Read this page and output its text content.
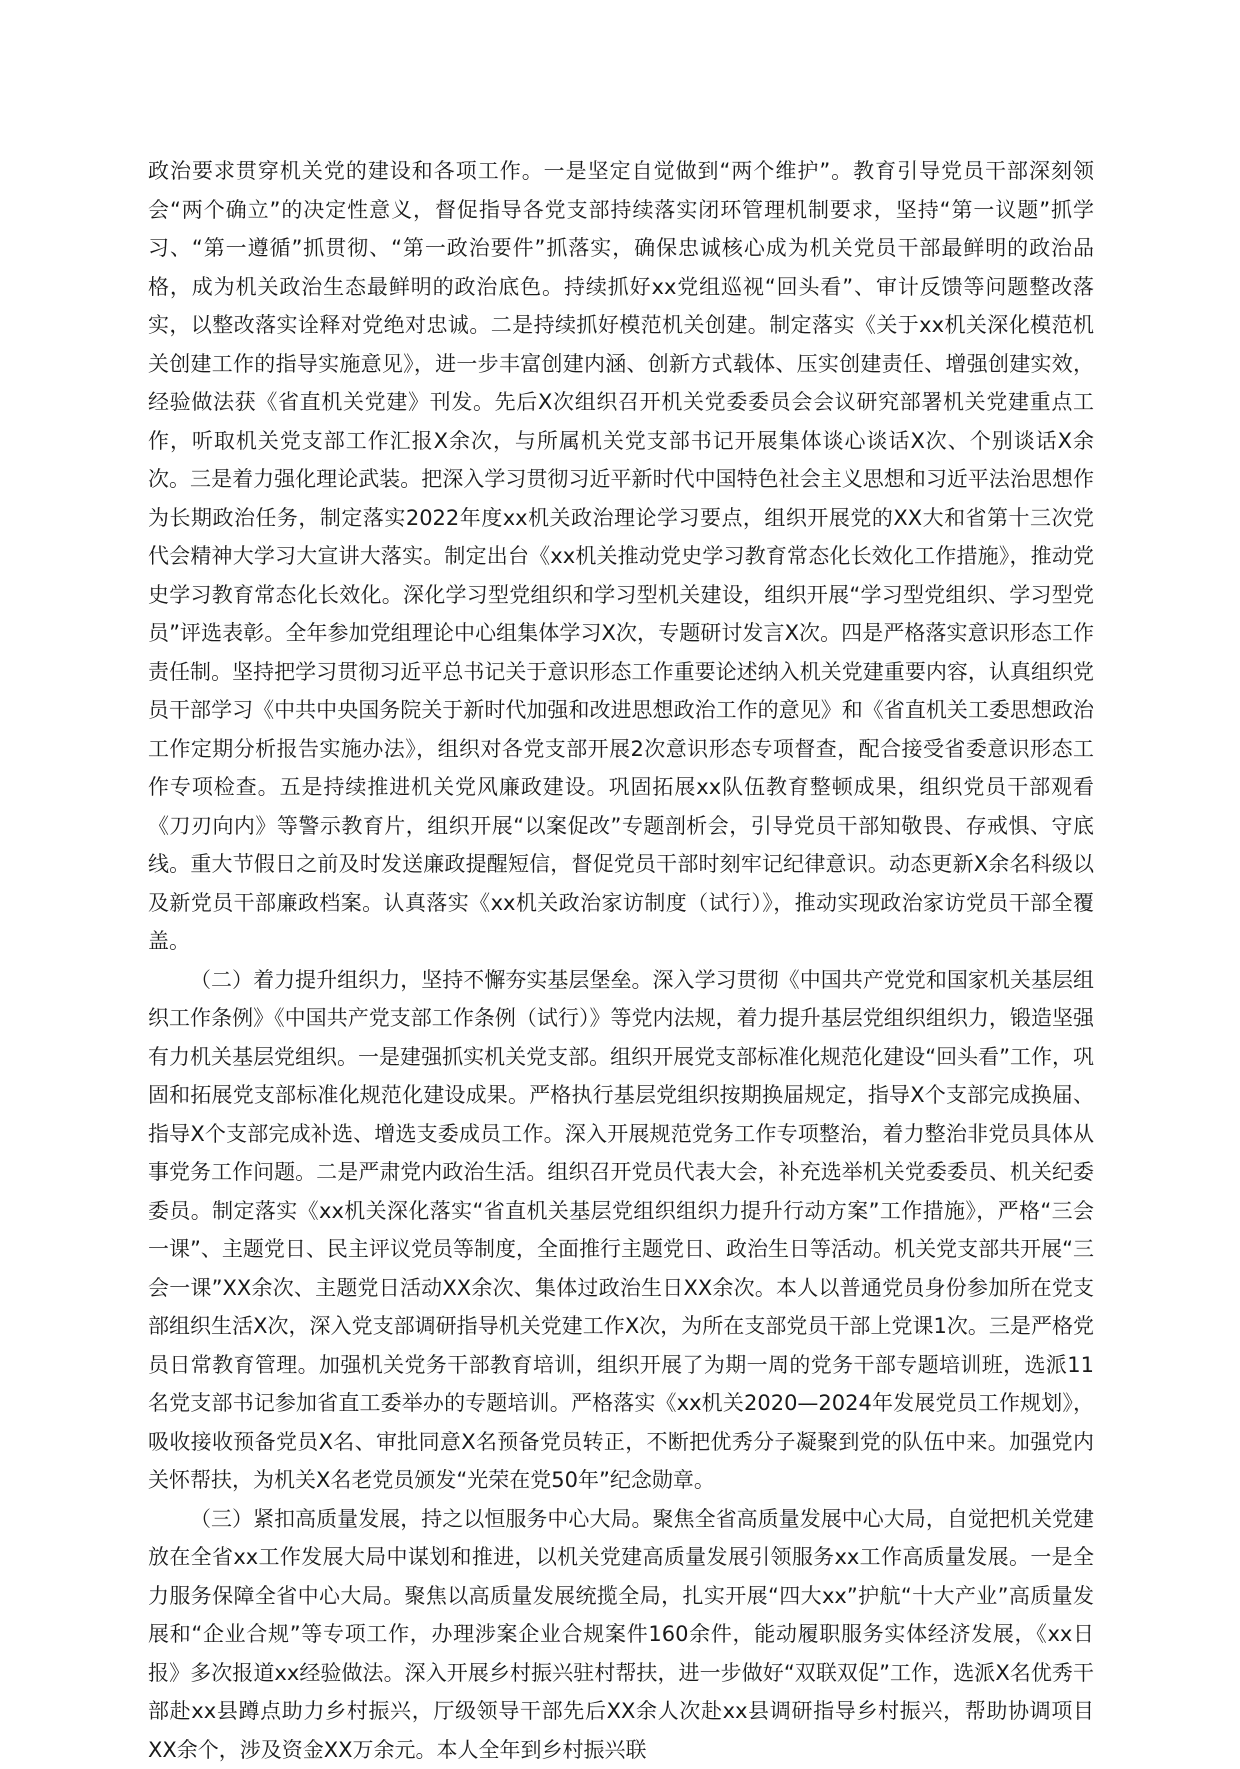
政治要求贯穿机关党的建设和各项工作。一是坚定自觉做到“两个维护”。教育引导党员干部深刻领会“两个确立”的决定性意义，督促指导各党支部持续落实闭环管理机制要求，坚持“第一议题”抓学习、“第一遵循”抓贯彻、“第一政治要件”抓落实，确保忠诚核心成为机关党员干部最鲜明的政治品格，成为机关政治生态最鲜明的政治底色。持续抓好xx党组巡视“回头看”、审计反馈等问题整改落实，以整改落实诠释对党绝对忠诚。二是持续抓好模范机关创建。制定落实《关于xx机关深化模范机关创建工作的指导实施意见》，进一步丰富创建内涵、创新方式载体、压实创建责任、增强创建实效，经验做法获《省直机关党建》刊发。先后X次组织召开机关党委委员会会议研究部署机关党建重点工作，听取机关党支部工作汇报X余次，与所属机关党支部书记开展集体谈心谈话X次、个别谈话X余次。三是着力强化理论武装。把深入学习贯彻习近平新时代中国特色社会主义思想和习近平法治思想作为长期政治任务，制定落实2022年度xx机关政治理论学习要点，组织开展党的XX大和省第十三次党代会精神大学习大宣讲大落实。制定出台《xx机关推动党史学习教育常态化长效化工作措施》，推动党史学习教育常态化长效化。深化学习型党组织和学习型机关建设，组织开展“学习型党组织、学习型党员”评选表彰。全年参加党组理论中心组集体学习X次，专题研讨发言X次。四是严格落实意识形态工作责任制。坚持把学习贯彻习近平总书记关于意识形态工作重要论述纳入机关党建重要内容，认真组织党员干部学习《中共中央国务院关于新时代加强和改进思想政治工作的意见》和《省直机关工委思想政治工作定期分析报告实施办法》，组织对各党支部开展2次意识形态专项督查，配合接受省委意识形态工作专项检查。五是持续推进机关党风廉政建设。巩固拓展xx队伍教育整顿成果，组织党员干部观看《刀刃向内》等警示教育片，组织开展“以案促改”专题剖析会，引导党员干部知敬畏、存戒惧、守底线。重大节假日之前及时发送廉政提醒短信，督促党员干部时刻牢记纪律意识。动态更新X余名科级以及新党员干部廉政档案。认真落实《xx机关政治家访制度（试行）》，推动实现政治家访党员干部全覆盖。

（二）着力提升组织力，坚持不懈夯实基层堡垒。深入学习贯彻《中国共产党党和国家机关基层组织工作条例》《中国共产党支部工作条例（试行）》等党内法规，着力提升基层党组织组织力，锻造坚强有力机关基层党组织。一是建强抓实机关党支部。组织开展党支部标准化规范化建设“回头看”工作，巩固和拓展党支部标准化规范化建设成果。严格执行基层党组织按期换届规定，指导X个支部完成换届、指导X个支部完成补选、增选支委成员工作。深入开展规范党务工作专项整治，着力整治非党员具体从事党务工作问题。二是严肃党内政治生活。组织召开党员代表大会，补充选举机关党委委员、机关纪委委员。制定落实《xx机关深化落实“省直机关基层党组织组织力提升行动方案”工作措施》，严格“三会一课”、主题党日、民主评议党员等制度，全面推行主题党日、政治生日等活动。机关党支部共开展“三会一课”XX余次、主题党日活动XX余次、集体过政治生日XX余次。本人以普通党员身份参加所在党支部组织生活X次，深入党支部调研指导机关党建工作X次，为所在支部党员干部上党课1次。三是严格党员日常教育管理。加强机关党务干部教育培训，组织开展了为期一周的党务干部专题培训班，选派11名党支部书记参加省直工委举办的专题培训。严格落实《xx机关2020—2024年发展党员工作规划》，吸收接收预备党员X名、审批同意X名预备党员转正，不断把优秀分子凝聚到党的队伍中来。加强党内关怀帮扶，为机关X名老党员颁发“光荣在党50年”纪念勋章。

（三）紧扣高质量发展，持之以恒服务中心大局。聚焦全省高质量发展中心大局，自觉把机关党建放在全省xx工作发展大局中谋划和推进，以机关党建高质量发展引领服务xx工作高质量发展。一是全力服务保障全省中心大局。聚焦以高质量发展统揽全局，扎实开展“四大xx”护航“十大产业”高质量发展和“企业合规”等专项工作，办理涉案企业合规案件160余件，能动履职服务实体经济发展，《xx日报》多次报道xx经验做法。深入开展乡村振兴驻村帮扶，进一步做好“双联双促”工作，选派X名优秀干部赴xx县蹲点助力乡村振兴，厅级领导干部先后XX余人次赴xx县调研指导乡村振兴，帮助协调项目XX余个，涉及资金XX万余元。本人全年到乡村振兴联
